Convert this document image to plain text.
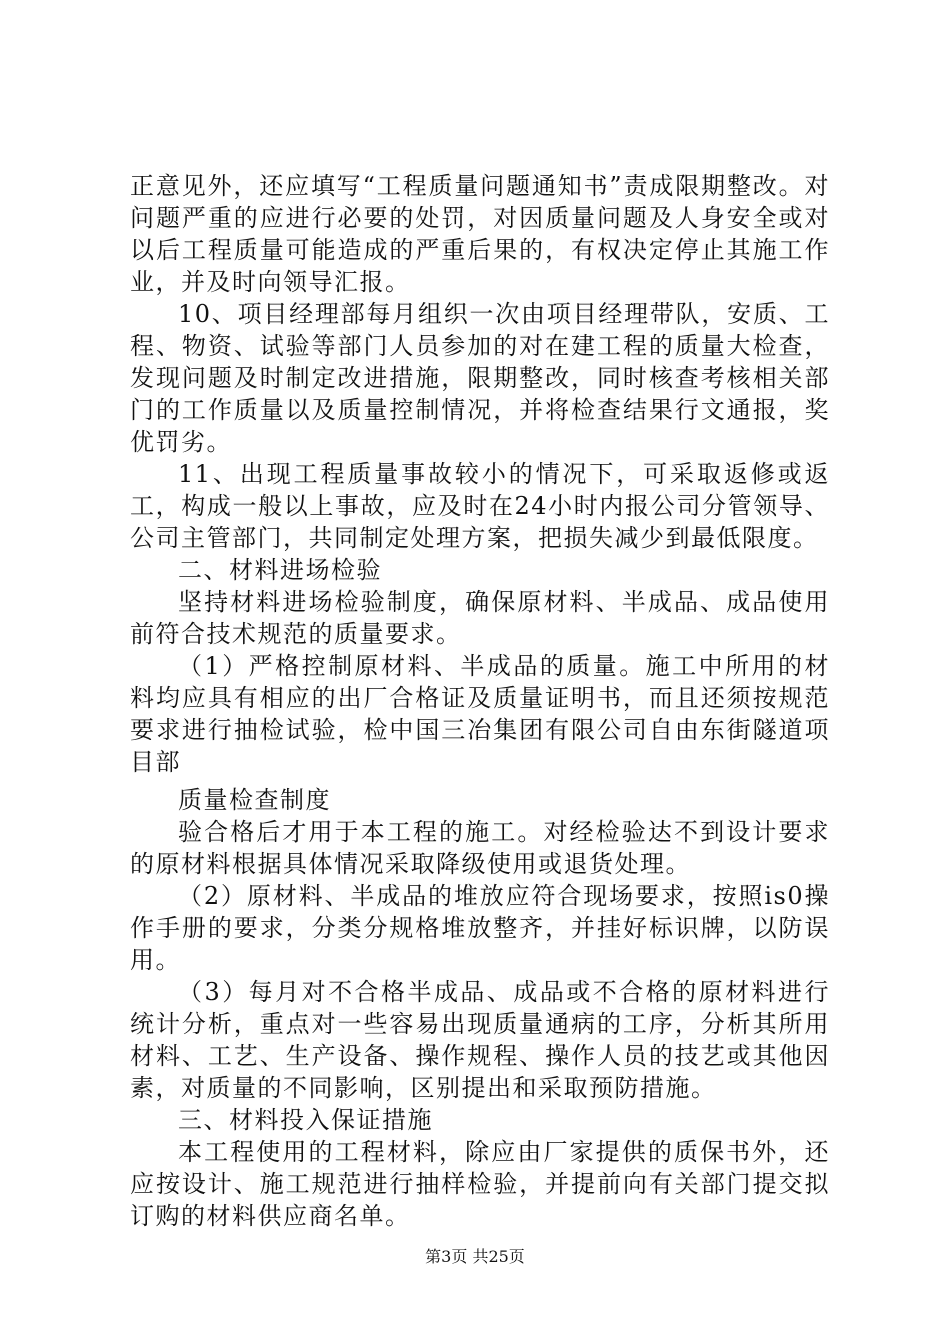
正意见外，还应填写“工程质量问题通知书”责成限期整改。对问题严重的应进行必要的处罚，对因质量问题及人身安全或对以后工程质量可能造成的严重后果的，有权决定停止其施工作业，并及时向领导汇报。

10、项目经理部每月组织一次由项目经理带队，安质、工程、物资、试验等部门人员参加的对在建工程的质量大检查，发现问题及时制定改进措施，限期整改，同时核查考核相关部门的工作质量以及质量控制情况，并将检查结果行文通报，奖优罚劣。

11、出现工程质量事故较小的情况下，可采取返修或返工，构成一般以上事故，应及时在24小时内报公司分管领导、公司主管部门，共同制定处理方案，把损失减少到最低限度。

二、材料进场检验

坚持材料进场检验制度，确保原材料、半成品、成品使用前符合技术规范的质量要求。

（1）严格控制原材料、半成品的质量。施工中所用的材料均应具有相应的出厂合格证及质量证明书，而且还须按规范要求进行抽检试验，检中国三冶集团有限公司自由东街隧道项目部

质量检查制度

验合格后才用于本工程的施工。对经检验达不到设计要求的原材料根据具体情况采取降级使用或退货处理。

（2）原材料、半成品的堆放应符合现场要求，按照is0操作手册的要求，分类分规格堆放整齐，并挂好标识牌，以防误用。

（3）每月对不合格半成品、成品或不合格的原材料进行统计分析，重点对一些容易出现质量通病的工序，分析其所用材料、工艺、生产设备、操作规程、操作人员的技艺或其他因素，对质量的不同影响，区别提出和采取预防措施。

三、材料投入保证措施

本工程使用的工程材料，除应由厂家提供的质保书外，还应按设计、施工规范进行抽样检验，并提前向有关部门提交拟订购的材料供应商名单。

第3页 共25页
